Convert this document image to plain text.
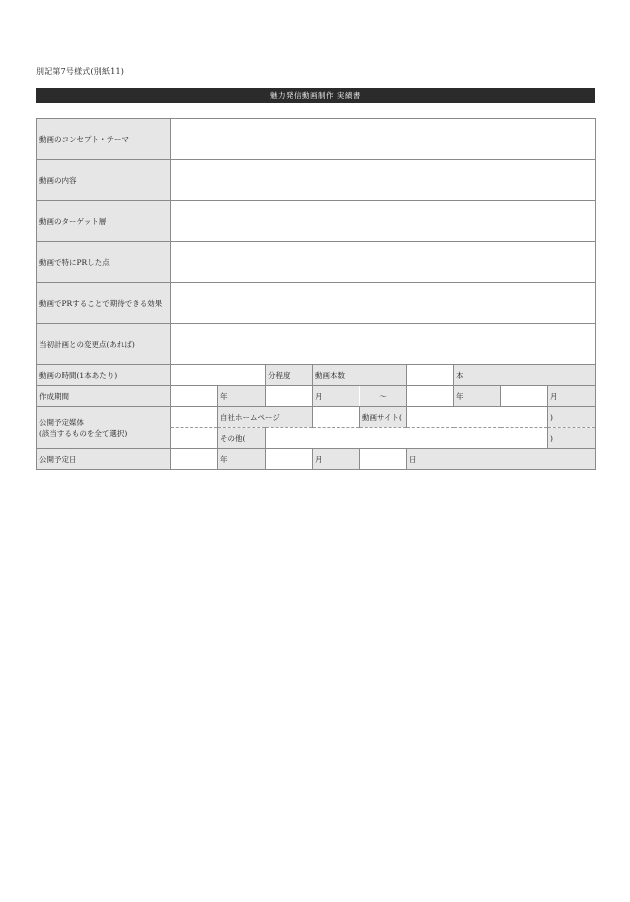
別記第7号様式(別紙11)
魅力発信動画制作 実績書
動画のコンセプト・テーマ									
動画の内容									
動画のターゲット層									
動画で特にPRした点									
動画でPRすることで期待できる効果									
当初計画との変更点(あれば)									
動画の時間(1本あたり)			分程度	動画本数			本		
作成期間		年		月	～		年		月
公開予定媒体
(該当するものを全て選択)		自社ホームページ			動画サイト(				)
		その他(							)
公開予定日		年		月		日			
